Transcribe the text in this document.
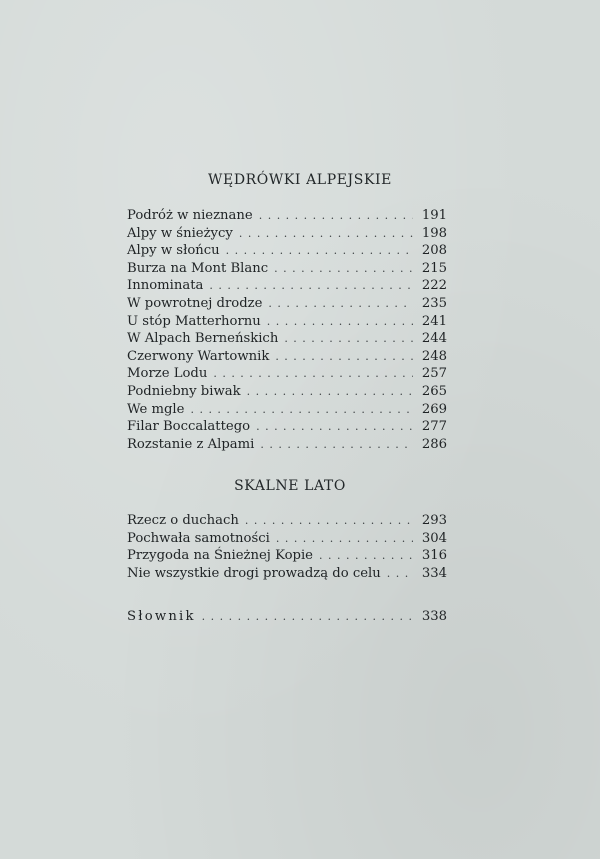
WĘDRÓWKI ALPEJSKIE
Podróż w nieznane . . .	191
Alpy w śnieżycy . . .	198
Alpy w słońcu . . .	208
Burza na Mont Blanc . . .	215
Innominata . . .	222
W powrotnej drodze . . .	235
U stóp Matterhornu . . .	241
W Alpach Berneńskich . . .	244
Czerwony Wartownik . . .	248
Morze Lodu . . .	257
Podniebny biwak . . .	265
We mgle . . .	269
Filar Boccalattego . . .	277
Rozstanie z Alpami . . .	286
SKALNE LATO
Rzecz o duchach . . .	293
Pochwała samotności . . .	304
Przygoda na Śnieżnej Kopie . . .	316
Nie wszystkie drogi prowadzą do celu . . .	334
Słownik . . .	338
